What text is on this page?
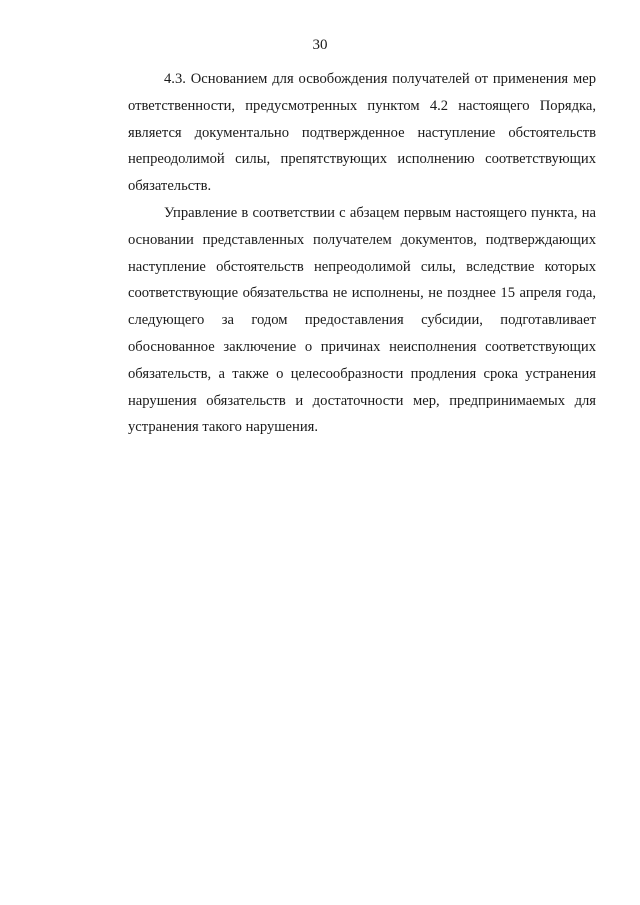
30
4.3. Основанием для освобождения получателей от применения мер
ответственности, предусмотренных пунктом 4.2 настоящего Порядка,
является документально подтвержденное наступление обстоятельств
непреодолимой силы, препятствующих исполнению соответствующих
обязательств.
Управление в соответствии с абзацем первым настоящего пункта, на
основании представленных получателем документов, подтверждающих
наступление обстоятельств непреодолимой силы, вследствие которых
соответствующие обязательства не исполнены, не позднее 15 апреля года,
следующего за годом предоставления субсидии, подготавливает
обоснованное заключение о причинах неисполнения соответствующих
обязательств, а также о целесообразности продления срока устранения
нарушения обязательств и достаточности мер, предпринимаемых для
устранения такого нарушения.
